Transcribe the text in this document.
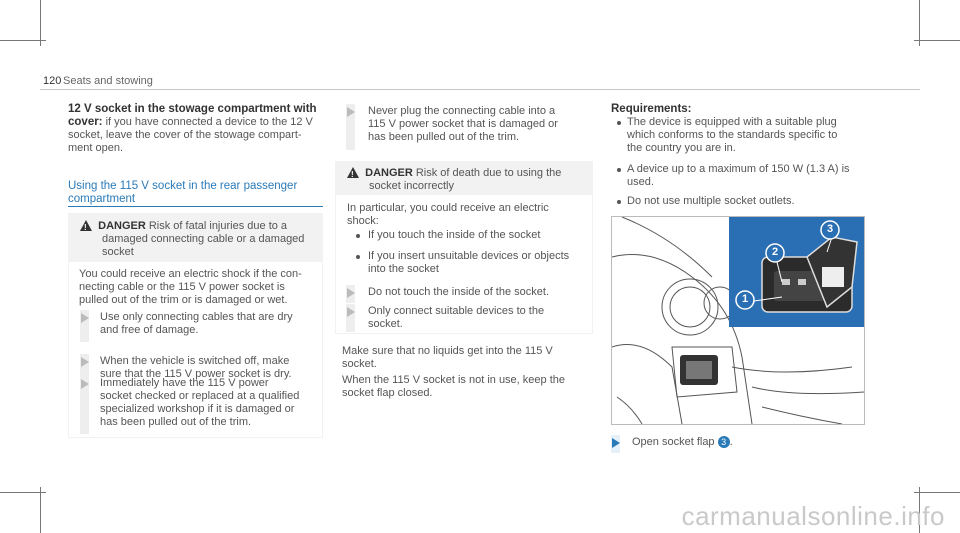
120 Seats and stowing
12 V socket in the stowage compartment with
cover: if you have connected a device to the 12 V
socket, leave the cover of the stowage compart-
ment open.
Using the 115 V socket in the rear passenger
compartment
!  DANGER Risk of fatal injuries due to a
damaged connecting cable or a damaged
socket
You could receive an electric shock if the con-
necting cable or the 115 V power socket is
pulled out of the trim or is damaged or wet.
Use only connecting cables that are dry
and free of damage.
When the vehicle is switched off, make
sure that the 115 V power socket is dry.
Immediately have the 115 V power
socket checked or replaced at a qualified
specialized workshop if it is damaged or
has been pulled out of the trim.
Never plug the connecting cable into a
115 V power socket that is damaged or
has been pulled out of the trim.
!  DANGER Risk of death due to using the
socket incorrectly
In particular, you could receive an electric
shock:
If you touch the inside of the socket
If you insert unsuitable devices or objects
into the socket
Do not touch the inside of the socket.
Only connect suitable devices to the
socket.
Make sure that no liquids get into the 115 V
socket.
When the 115 V socket is not in use, keep the
socket flap closed.
Requirements:
The device is equipped with a suitable plug
which conforms to the standards specific to
the country you are in.
A device up to a maximum of 150 W (1.3 A) is
used.
Do not use multiple socket outlets.
1
2
3
Open socket flap 3 .
carmanualsonline.info
